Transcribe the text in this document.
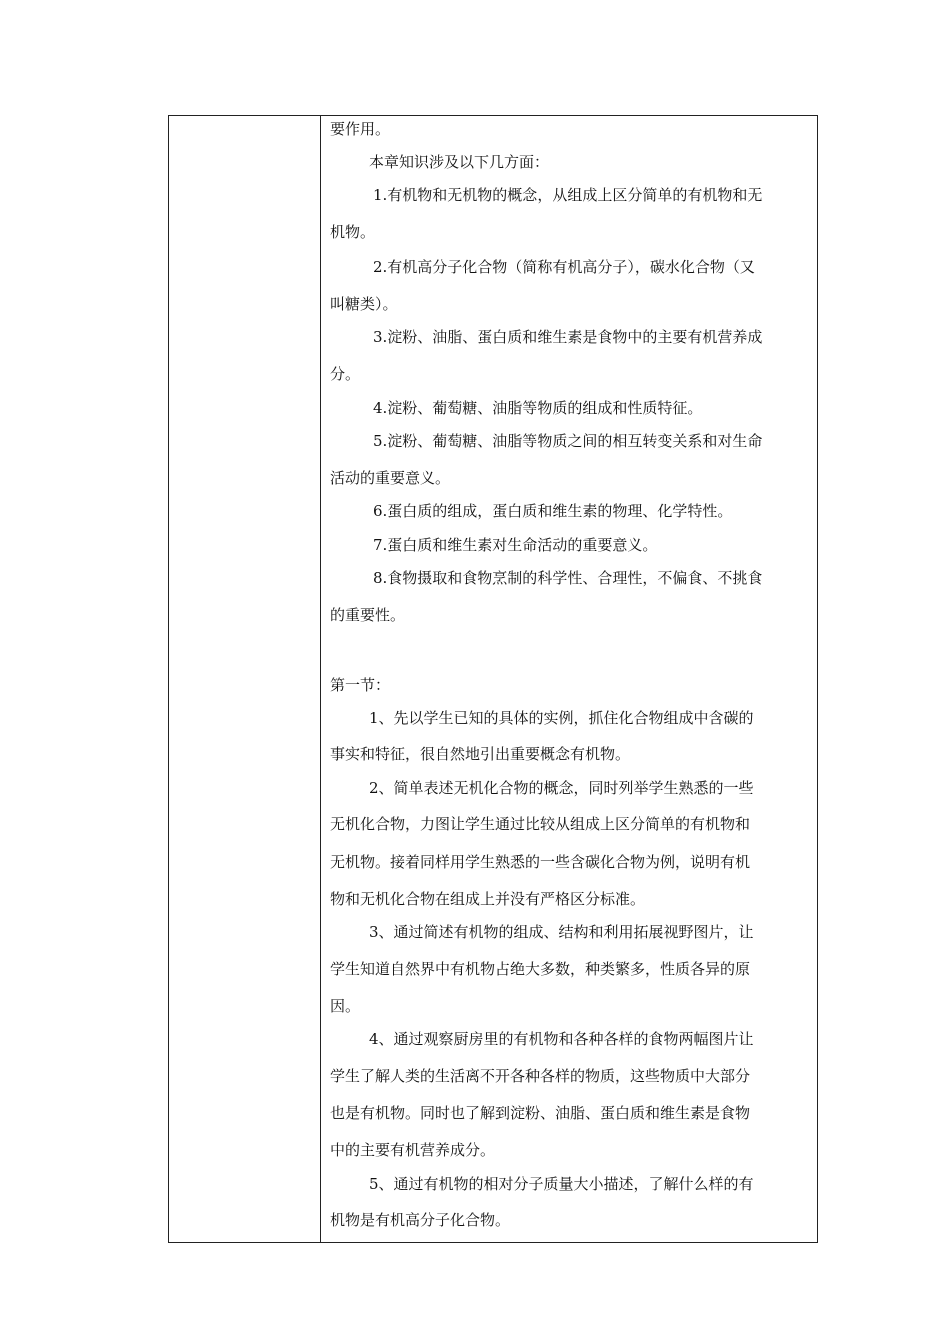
要作用。
本章知识涉及以下几方面：
1.有机物和无机物的概念，从组成上区分简单的有机物和无
机物。
2.有机高分子化合物（简称有机高分子），碳水化合物（又
叫糖类）。
3.淀粉、油脂、蛋白质和维生素是食物中的主要有机营养成
分。
4.淀粉、葡萄糖、油脂等物质的组成和性质特征。
5.淀粉、葡萄糖、油脂等物质之间的相互转变关系和对生命
活动的重要意义。
6.蛋白质的组成，蛋白质和维生素的物理、化学特性。
7.蛋白质和维生素对生命活动的重要意义。
8.食物摄取和食物烹制的科学性、合理性，不偏食、不挑食
的重要性。
第一节：
1、先以学生已知的具体的实例，抓住化合物组成中含碳的
事实和特征，很自然地引出重要概念有机物。
2、简单表述无机化合物的概念，同时列举学生熟悉的一些
无机化合物，力图让学生通过比较从组成上区分简单的有机物和
无机物。接着同样用学生熟悉的一些含碳化合物为例，说明有机
物和无机化合物在组成上并没有严格区分标准。
3、通过简述有机物的组成、结构和利用拓展视野图片，让
学生知道自然界中有机物占绝大多数，种类繁多，性质各异的原
因。
4、通过观察厨房里的有机物和各种各样的食物两幅图片让
学生了解人类的生活离不开各种各样的物质，这些物质中大部分
也是有机物。同时也了解到淀粉、油脂、蛋白质和维生素是食物
中的主要有机营养成分。
5、通过有机物的相对分子质量大小描述，了解什么样的有
机物是有机高分子化合物。
